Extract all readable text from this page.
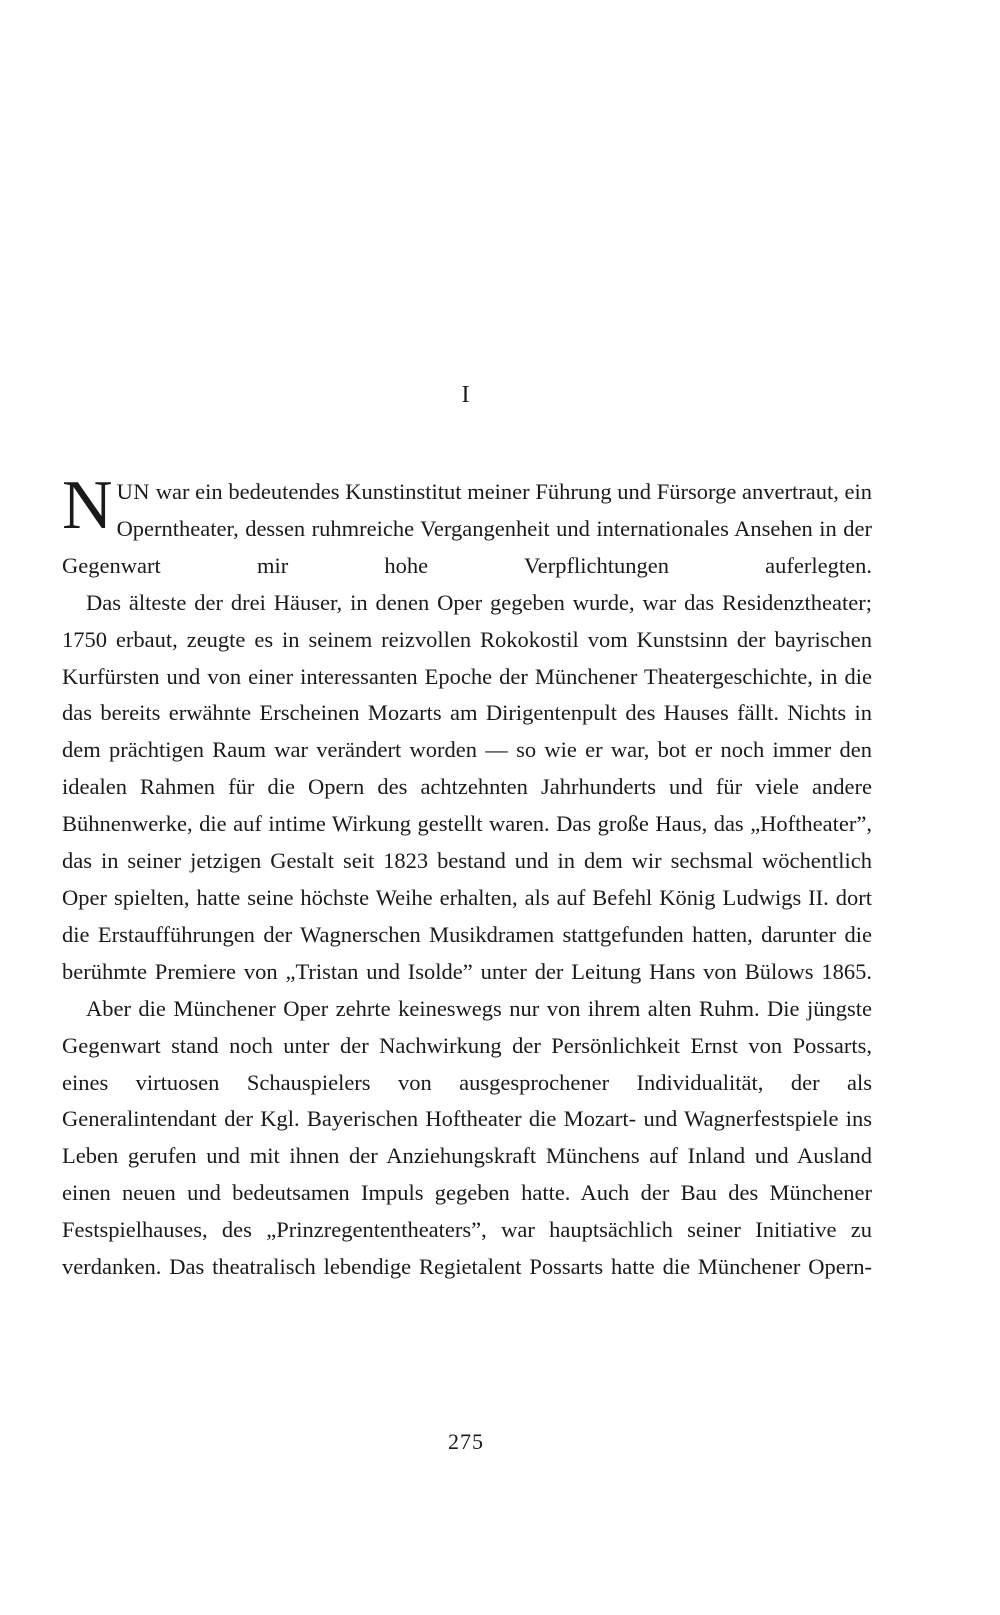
I

NUN war ein bedeutendes Kunstinstitut meiner Führung und Fürsorge anvertraut, ein Operntheater, dessen ruhmreiche Vergangenheit und internationales Ansehen in der Gegenwart mir hohe Verpflichtungen auferlegten.

Das älteste der drei Häuser, in denen Oper gegeben wurde, war das Residenztheater; 1750 erbaut, zeugte es in seinem reizvollen Rokokostil vom Kunstsinn der bayrischen Kurfürsten und von einer interessanten Epoche der Münchener Theatergeschichte, in die das bereits erwähnte Erscheinen Mozarts am Dirigentenpult des Hauses fällt. Nichts in dem prächtigen Raum war verändert worden — so wie er war, bot er noch immer den idealen Rahmen für die Opern des achtzehnten Jahrhunderts und für viele andere Bühnenwerke, die auf intime Wirkung gestellt waren. Das große Haus, das „Hoftheater”, das in seiner jetzigen Gestalt seit 1823 bestand und in dem wir sechsmal wöchentlich Oper spielten, hatte seine höchste Weihe erhalten, als auf Befehl König Ludwigs II. dort die Erstaufführungen der Wagnerschen Musikdramen stattgefunden hatten, darunter die berühmte Premiere von „Tristan und Isolde” unter der Leitung Hans von Bülows 1865.

Aber die Münchener Oper zehrte keineswegs nur von ihrem alten Ruhm. Die jüngste Gegenwart stand noch unter der Nachwirkung der Persönlichkeit Ernst von Possarts, eines virtuosen Schauspielers von ausgesprochener Individualität, der als Generalintendant der Kgl. Bayerischen Hoftheater die Mozart- und Wagnerfestspiele ins Leben gerufen und mit ihnen der Anziehungskraft Münchens auf Inland und Ausland einen neuen und bedeutsamen Impuls gegeben hatte. Auch der Bau des Münchener Festspielhauses, des „Prinzregententheaters”, war hauptsächlich seiner Initiative zu verdanken. Das theatralisch lebendige Regietalent Possarts hatte die Münchener Opern-

275
